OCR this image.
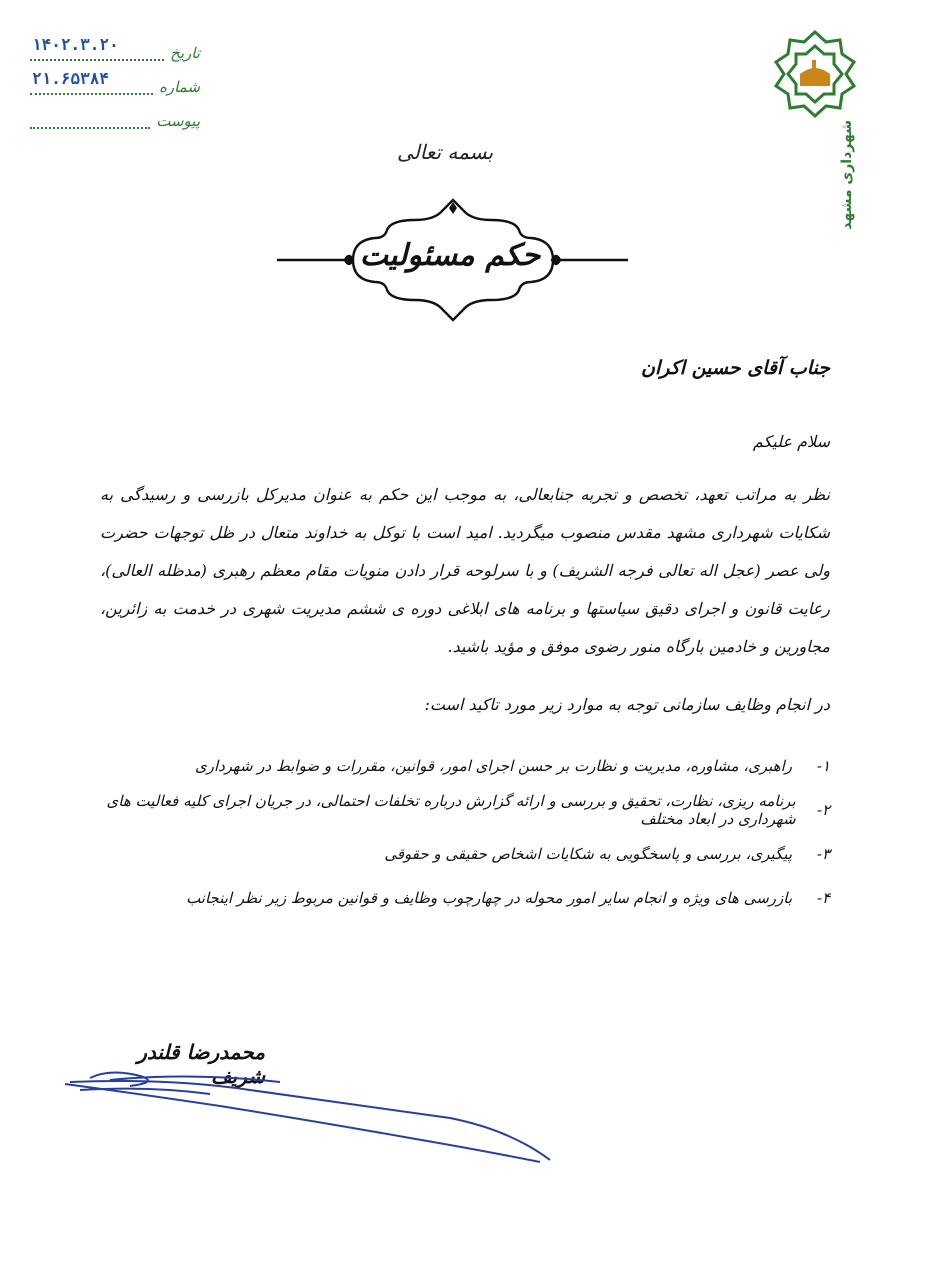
تاریخ
۱۴۰۲.۳.۲۰
شماره
۲۱.۶۵۳۸۴
پیوست	شهرداری مشهد
بسمه تعالی
حکم مسئولیت

جناب آقای حسین اکران

سلام علیکم

نظر به مراتب تعهد، تخصص و تجربه جنابعالی، به موجب این حکم به عنوان مدیرکل بازرسی و رسیدگی به شکایات شهرداری مشهد مقدس منصوب میگردید. امید است با توکل به خداوند متعال در ظل توجهات حضرت ولی عصر (عجل اله تعالی فرجه الشریف) و با سرلوحه قرار دادن منویات مقام معظم رهبری (مدظله العالی)، رعایت قانون و اجرای دقیق سیاستها و برنامه های ابلاغی دوره ی ششم مدیریت شهری در خدمت به زائرین، مجاورین و خادمین بارگاه منور رضوی موفق و مؤید باشید.

در انجام وظایف سازمانی توجه به موارد زیر مورد تاکید است:

۱-
راهبری، مشاوره، مدیریت و نظارت بر حسن اجرای امور، قوانین، مقررات و ضوابط در شهرداری
۲-
برنامه ریزی، نظارت، تحقیق و بررسی و ارائه گزارش درباره تخلفات احتمالی، در جریان اجرای کلیه فعالیت های شهرداری در ابعاد مختلف
۳-
پیگیری، بررسی و پاسخگویی به شکایات اشخاص حقیقی و حقوقی
۴-
بازرسی های ویژه و انجام سایر امور محوله در چهارچوب وظایف و قوانین مربوط زیر نظر اینجانب
محمدرضا قلندر شریف
